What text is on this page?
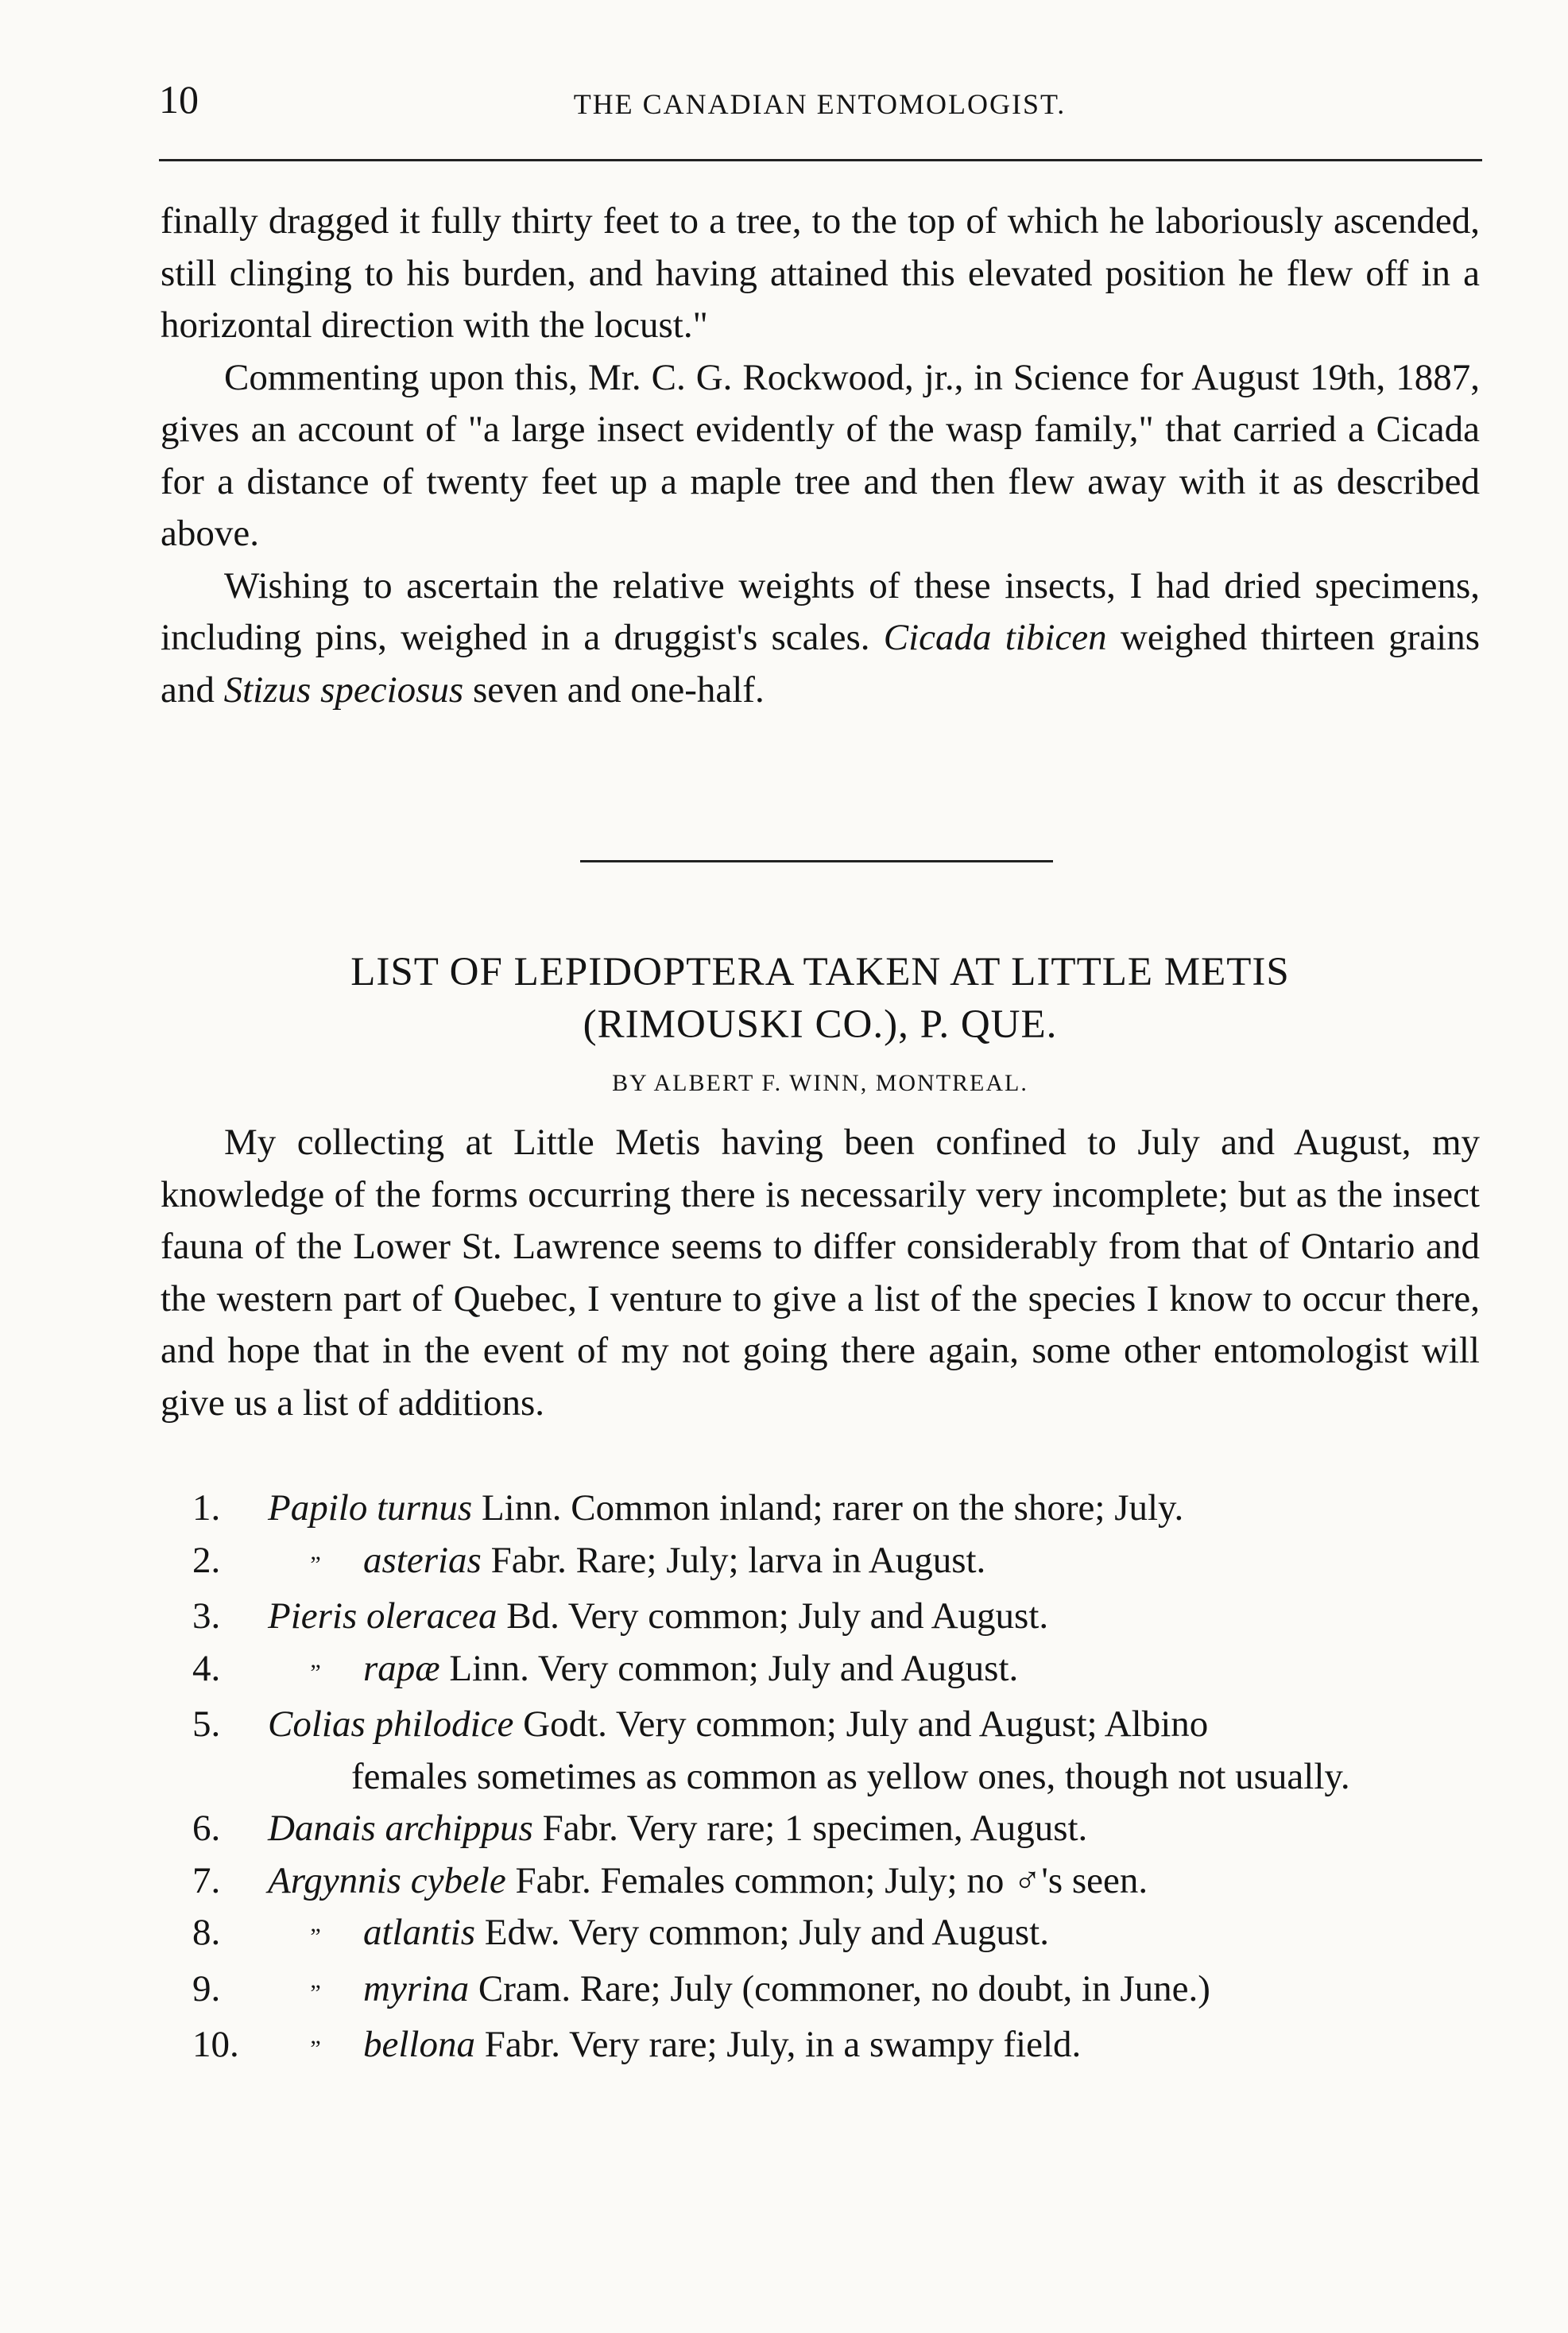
10	THE CANADIAN ENTOMOLOGIST.

finally dragged it fully thirty feet to a tree, to the top of which he laboriously ascended, still clinging to his burden, and having attained this elevated position he flew off in a horizontal direction with the locust."

Commenting upon this, Mr. C. G. Rockwood, jr., in Science for August 19th, 1887, gives an account of "a large insect evidently of the wasp family," that carried a Cicada for a distance of twenty feet up a maple tree and then flew away with it as described above.

Wishing to ascertain the relative weights of these insects, I had dried specimens, including pins, weighed in a druggist's scales. Cicada tibicen weighed thirteen grains and Stizus speciosus seven and one-half.

LIST OF LEPIDOPTERA TAKEN AT LITTLE METIS
(RIMOUSKI CO.), P. QUE.
BY ALBERT F. WINN, MONTREAL.

My collecting at Little Metis having been confined to July and August, my knowledge of the forms occurring there is necessarily very incomplete; but as the insect fauna of the Lower St. Lawrence seems to differ considerably from that of Ontario and the western part of Quebec, I venture to give a list of the species I know to occur there, and hope that in the event of my not going there again, some other entomologist will give us a list of additions.

1. Papilo turnus Linn. Common inland; rarer on the shore; July.
2.	” asterias Fabr. Rare; July; larva in August.
3. Pieris oleracea Bd. Very common; July and August.
4.	” rapæ Linn. Very common; July and August.
5. Colias philodice Godt. Very common; July and August; Albino
females sometimes as common as yellow ones, though not usually.
6. Danais archippus Fabr. Very rare; 1 specimen, August.
7. Argynnis cybele Fabr. Females common; July; no ♂'s seen.
8.	” atlantis Edw. Very common; July and August.
9.	” myrina Cram. Rare; July (commoner, no doubt, in June.)
10.	” bellona Fabr. Very rare; July, in a swampy field.
